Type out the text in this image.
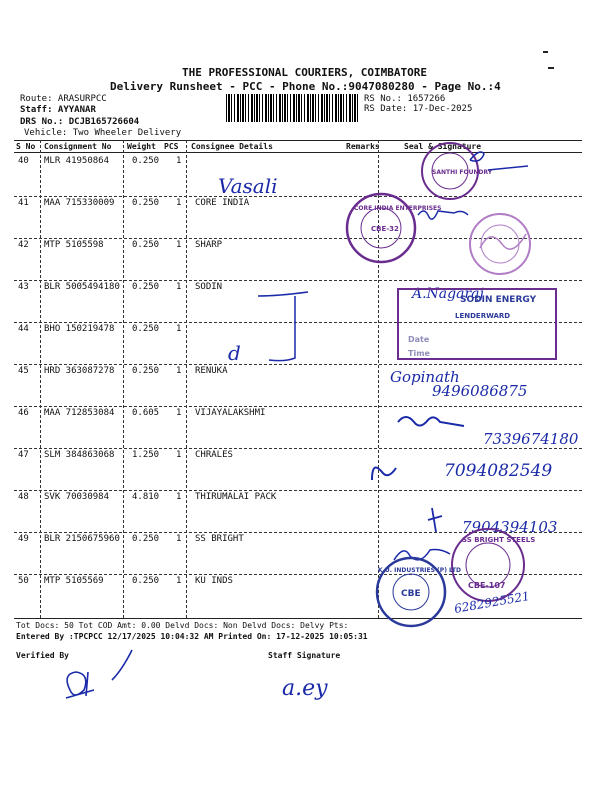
THE PROFESSIONAL COURIERS, COIMBATORE
Delivery Runsheet - PCC - Phone No.:9047080280 - Page No.:4
Route: ARASURPCC
Staff: AYYANAR
DRS No.: DCJB165726604
Vehicle: Two Wheeler Delivery
RS No.: 1657266
RS Date: 17-Dec-2025
S No Consignment No Weight PCS Consignee Details	Remarks	Seal & Signature
40 MLR 41950864	0.250 1
41 MAA 715330009 0.250 1 CORE INDIA
42 MTP 5105598	0.250 1 SHARP
43 BLR 5005494180 0.250 1 SODIN
44 BHO 150219478 0.250 1
45 HRD 363087278 0.250 1 RENUKA
46 MAA 712853084 0.605 1 VIJAYALAKSHMI
47 SLM 384863068 1.250 1 CHRALES
48 SVK 70030984	4.810 1 THIRUMALAI PACK
49 BLR 2150675960 0.250 1 SS BRIGHT
50 MTP 5105569	0.250 1 KU INDS
Tot Docs: 50 Tot COD Amt: 0.00 Delvd Docs: Non Delvd Docs: Delvy Pts:
Entered By :TPCPCC 12/17/2025 10:04:32 AM Printed On: 17-12-2025 10:05:31
Verified By	Staff Signature
Vasali
SANTHI FOUNDRY
CORE INDIA ENTERPRISES
CBE-32
A.Nagaraj
d
SODIN ENERGY
LENDERWARD
Date
Time
Gopinath
9496086875
7339674180
7094082549
7904394103
SS BRIGHT STEELS
CBE-107
6282925521
K.U. INDUSTRIES (P) LTD
CBE
a.ey
